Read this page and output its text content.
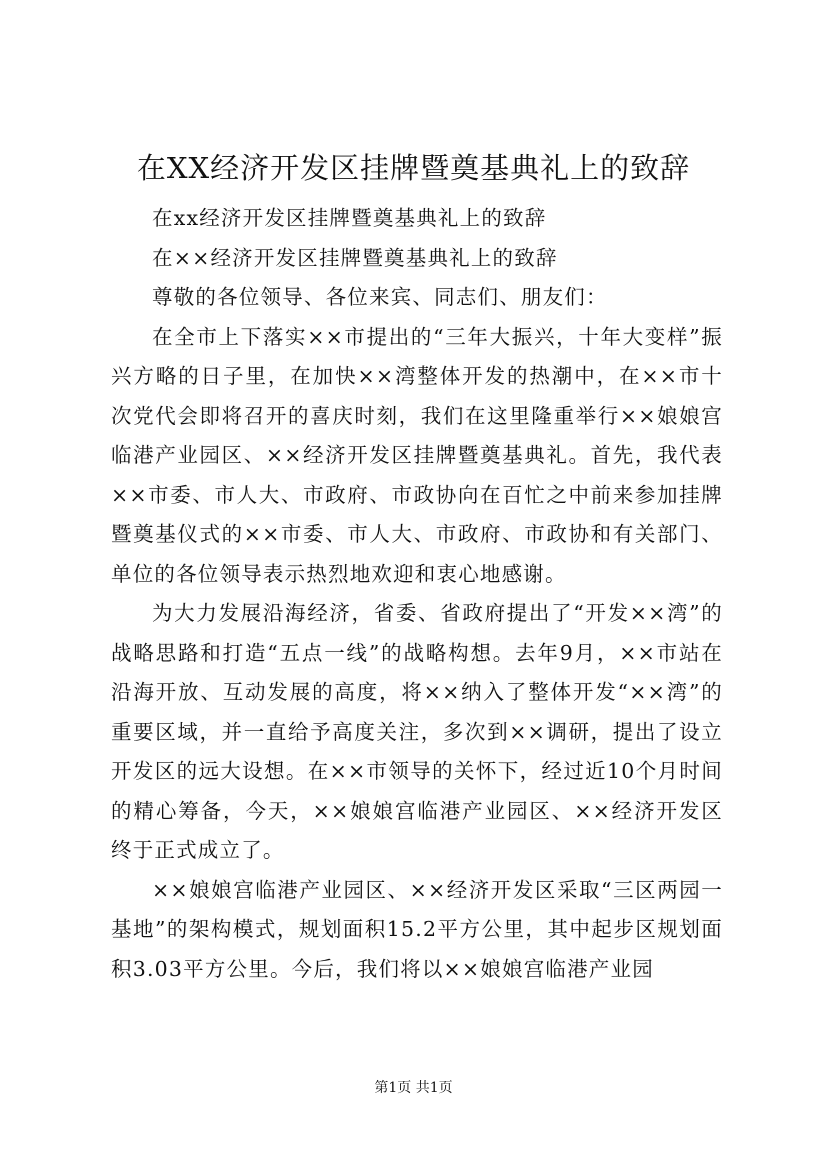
在XX经济开发区挂牌暨奠基典礼上的致辞

在xx经济开发区挂牌暨奠基典礼上的致辞

在××经济开发区挂牌暨奠基典礼上的致辞

尊敬的各位领导、各位来宾、同志们、朋友们：

在全市上下落实××市提出的“三年大振兴，十年大变样”振兴方略的日子里，在加快××湾整体开发的热潮中，在××市十次党代会即将召开的喜庆时刻，我们在这里隆重举行××娘娘宫临港产业园区、××经济开发区挂牌暨奠基典礼。首先，我代表××市委、市人大、市政府、市政协向在百忙之中前来参加挂牌暨奠基仪式的××市委、市人大、市政府、市政协和有关部门、单位的各位领导表示热烈地欢迎和衷心地感谢。

为大力发展沿海经济，省委、省政府提出了“开发××湾”的战略思路和打造“五点一线”的战略构想。去年9月，××市站在沿海开放、互动发展的高度，将××纳入了整体开发“××湾”的重要区域，并一直给予高度关注，多次到××调研，提出了设立开发区的远大设想。在××市领导的关怀下，经过近10个月时间的精心筹备，今天，××娘娘宫临港产业园区、××经济开发区终于正式成立了。

××娘娘宫临港产业园区、××经济开发区采取“三区两园一基地”的架构模式，规划面积15.2平方公里，其中起步区规划面积3.03平方公里。今后，我们将以××娘娘宫临港产业园

第1页 共1页
